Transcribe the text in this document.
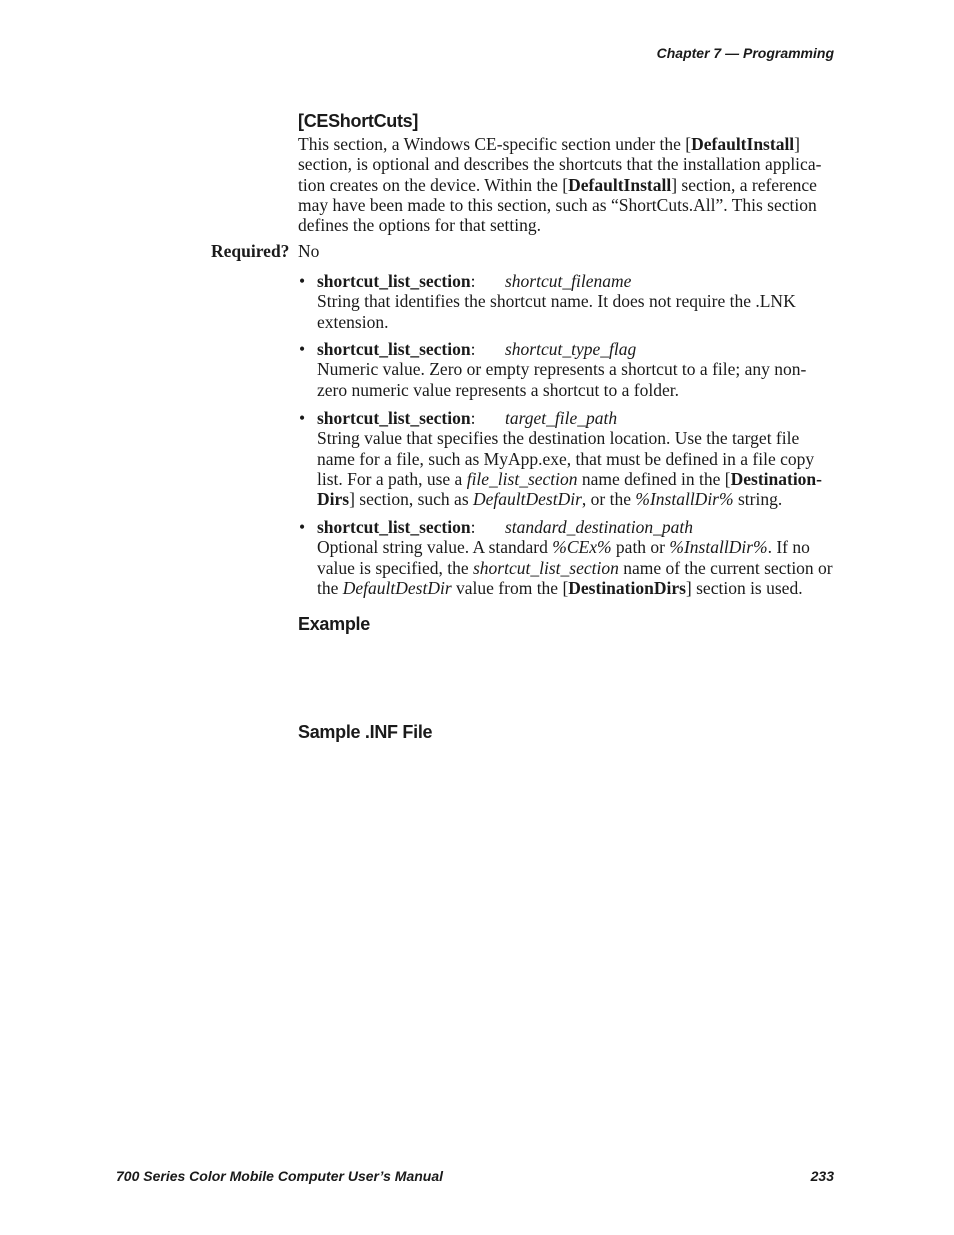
Chapter 7 — Programming
[CEShortCuts]
This section, a Windows CE-specific section under the [DefaultInstall]
section, is optional and describes the shortcuts that the installation applica-
tion creates on the device. Within the [DefaultInstall] section, a reference
may have been made to this section, such as “ShortCuts.All”. This section
defines the options for that setting.
Required? No
• shortcut_list_section: shortcut_filename
String that identifies the shortcut name. It does not require the .LNK
extension.
• shortcut_list_section: shortcut_type_flag
Numeric value. Zero or empty represents a shortcut to a file; any non-
zero numeric value represents a shortcut to a folder.
• shortcut_list_section: target_file_path
String value that specifies the destination location. Use the target file
name for a file, such as MyApp.exe, that must be defined in a file copy
list. For a path, use a file_list_section name defined in the [Destination-
Dirs] section, such as DefaultDestDir, or the %InstallDir% string.
• shortcut_list_section: standard_destination_path
Optional string value. A standard %CEx% path or %InstallDir%. If no
value is specified, the shortcut_list_section name of the current section or
the DefaultDestDir value from the [DestinationDirs] section is used.
Example
Sample .INF File
700 Series Color Mobile Computer User’s Manual	233
